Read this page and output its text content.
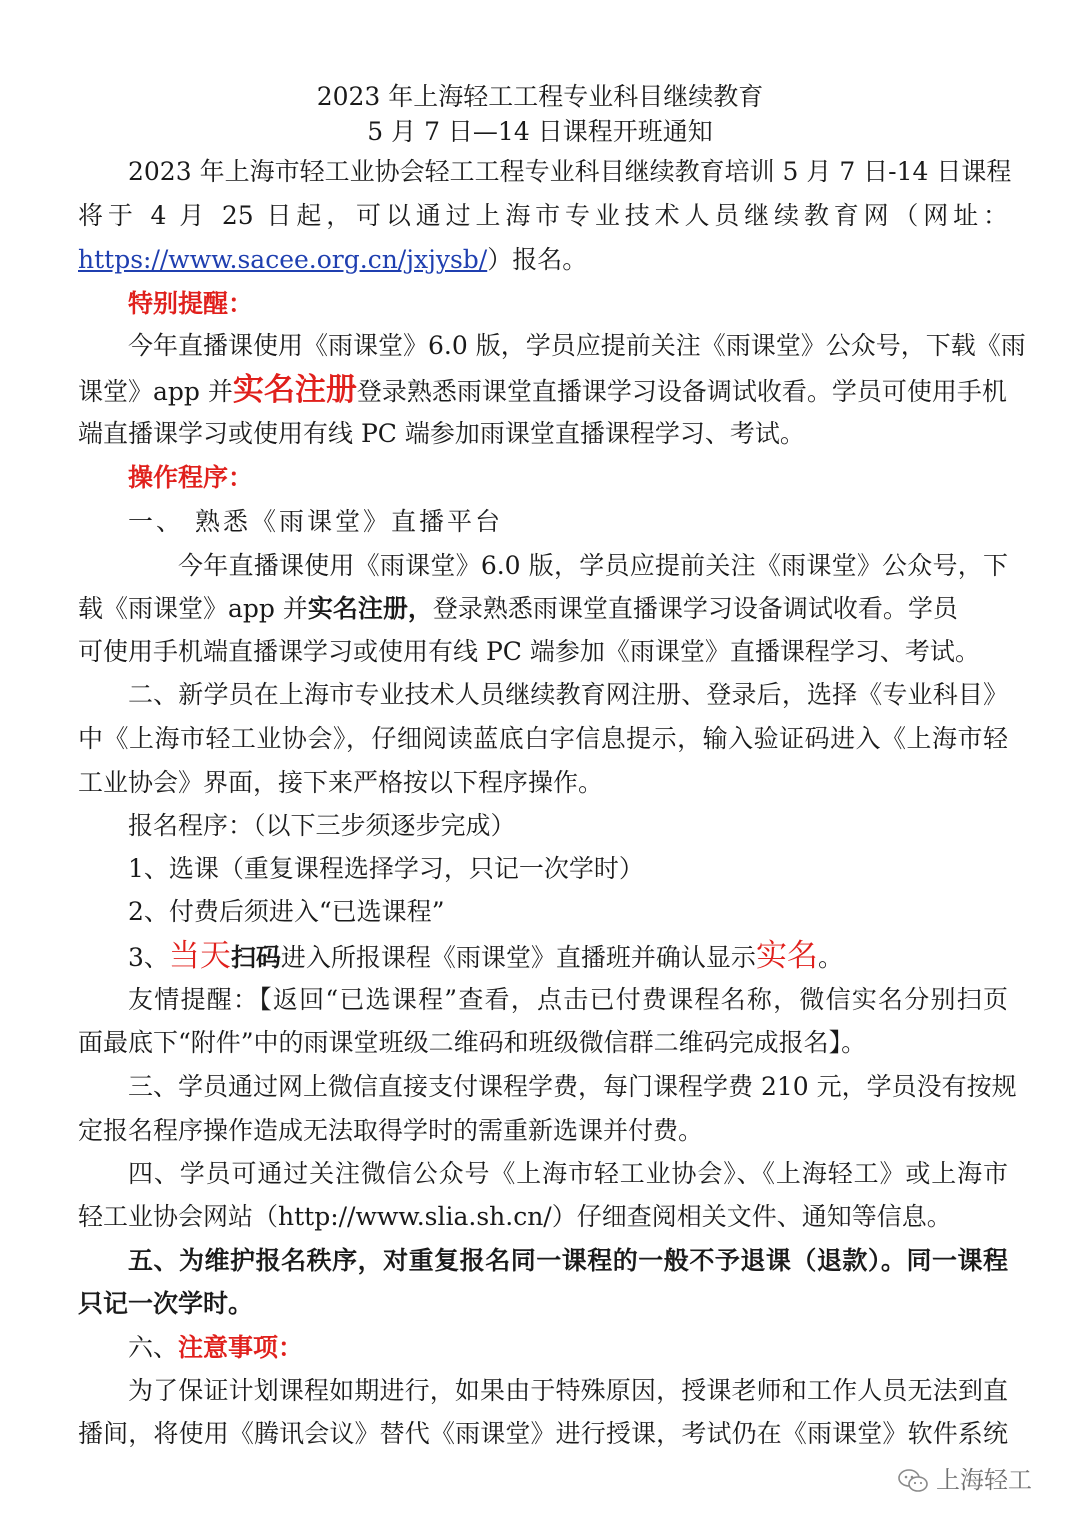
2023 年上海轻工工程专业科目继续教育
5 月 7 日—14 日课程开班通知
2023 年上海市轻工业协会轻工工程专业科目继续教育培训 5 月 7 日-14 日课程
将于 4 月 25 日起，可以通过上海市专业技术人员继续教育网（网址：
https://www.sacee.org.cn/jxjysb/）报名。
特别提醒：
今年直播课使用《雨课堂》6.0 版，学员应提前关注《雨课堂》公众号，下载《雨
课堂》app 并实名注册登录熟悉雨课堂直播课学习设备调试收看。学员可使用手机
端直播课学习或使用有线 PC 端参加雨课堂直播课程学习、考试。
操作程序：
一、 熟悉《雨课堂》直播平台
今年直播课使用《雨课堂》6.0 版，学员应提前关注《雨课堂》公众号，下
载《雨课堂》app 并实名注册，登录熟悉雨课堂直播课学习设备调试收看。学员
可使用手机端直播课学习或使用有线 PC 端参加《雨课堂》直播课程学习、考试。
二、新学员在上海市专业技术人员继续教育网注册、登录后，选择《专业科目》
中《上海市轻工业协会》，仔细阅读蓝底白字信息提示，输入验证码进入《上海市轻
工业协会》界面，接下来严格按以下程序操作。
报名程序：（以下三步须逐步完成）
1、选课（重复课程选择学习，只记一次学时）
2、付费后须进入“已选课程”
3、当天扫码进入所报课程《雨课堂》直播班并确认显示实名。
友情提醒：【返回“已选课程”查看，点击已付费课程名称，微信实名分别扫页
面最底下“附件”中的雨课堂班级二维码和班级微信群二维码完成报名】。
三、学员通过网上微信直接支付课程学费，每门课程学费 210 元，学员没有按规
定报名程序操作造成无法取得学时的需重新选课并付费。
四、学员可通过关注微信公众号《上海市轻工业协会》、《上海轻工》或上海市
轻工业协会网站（http://www.slia.sh.cn/）仔细查阅相关文件、通知等信息。
五、为维护报名秩序，对重复报名同一课程的一般不予退课（退款）。同一课程
只记一次学时。
六、注意事项：
为了保证计划课程如期进行，如果由于特殊原因，授课老师和工作人员无法到直
播间，将使用《腾讯会议》替代《雨课堂》进行授课，考试仍在《雨课堂》软件系统
上海轻工
